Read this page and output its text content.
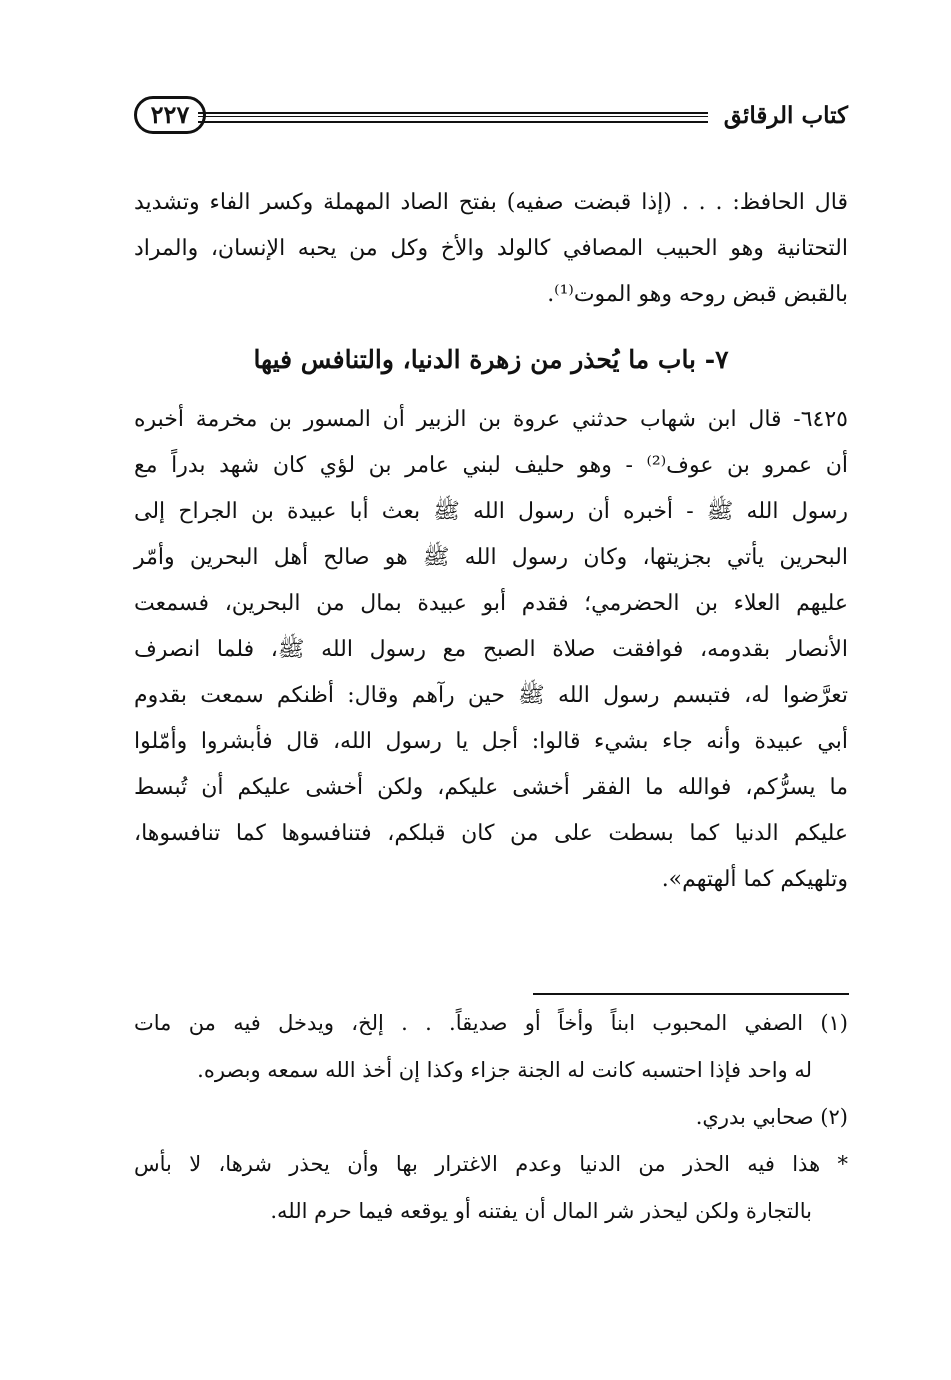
كتاب الرقائق
٢٢٧
قال الحافظ: . . . (إذا قبضت صفيه) بفتح الصاد المهملة وكسر الفاء وتشديد
التحتانية وهو الحبيب المصافي كالولد والأخ وكل من يحبه الإنسان، والمراد
بالقبض قبض روحه وهو الموت⁽¹⁾.
٧- باب ما يُحذر من زهرة الدنيا، والتنافس فيها
٦٤٢٥- قال ابن شهاب حدثني عروة بن الزبير أن المسور بن مخرمة أخبره
أن عمرو بن عوف⁽²⁾ - وهو حليف لبني عامر بن لؤي كان شهد بدراً مع
رسول الله ﷺ - أخبره أن رسول الله ﷺ بعث أبا عبيدة بن الجراح إلى
البحرين يأتي بجزيتها، وكان رسول الله ﷺ هو صالح أهل البحرين وأمّر
عليهم العلاء بن الحضرمي؛ فقدم أبو عبيدة بمال من البحرين، فسمعت
الأنصار بقدومه، فوافقت صلاة الصبح مع رسول الله ﷺ، فلما انصرف
تعرَّضوا له، فتبسم رسول الله ﷺ حين رآهم وقال: أظنكم سمعت بقدوم
أبي عبيدة وأنه جاء بشيء قالوا: أجل يا رسول الله، قال فأبشروا وأمّلوا
ما يسرُّكم، فوالله ما الفقر أخشى عليكم، ولكن أخشى عليكم أن تُبسط
عليكم الدنيا كما بسطت على من كان قبلكم، فتنافسوها كما تنافسوها،
وتلهيكم كما ألهتهم».
(١) الصفي المحبوب ابناً وأخاً أو صديقاً. . . إلخ، ويدخل فيه من مات
له واحد فإذا احتسبه كانت له الجنة جزاء وكذا إن أخذ الله سمعه وبصره.
(٢) صحابي بدري.
* هذا فيه الحذر من الدنيا وعدم الاغترار بها وأن يحذر شرها، لا بأس
بالتجارة ولكن ليحذر شر المال أن يفتنه أو يوقعه فيما حرم الله.
